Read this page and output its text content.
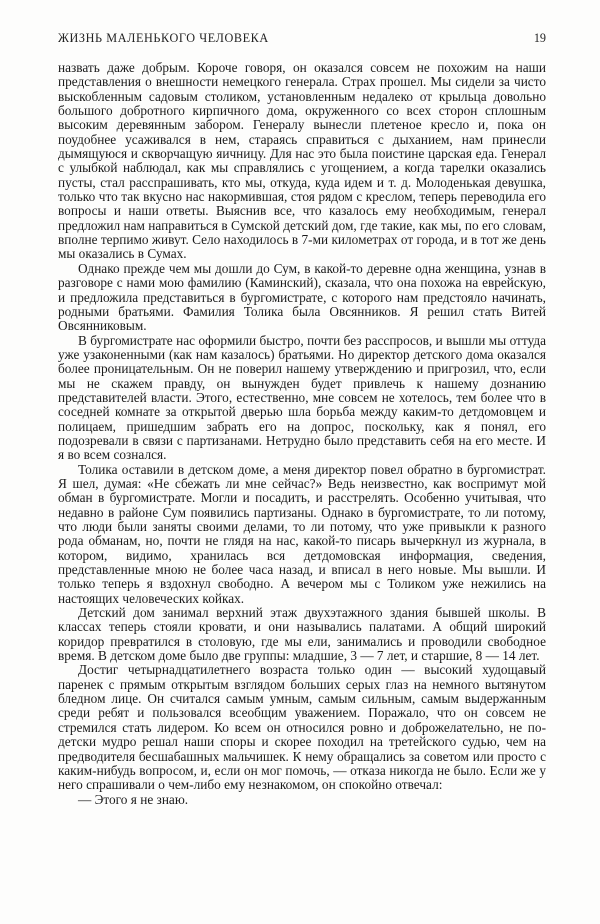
ЖИЗНЬ МАЛЕНЬКОГО ЧЕЛОВЕКА	19

назвать даже добрым. Короче говоря, он оказался совсем не похожим на наши представления о внешности немецкого генерала. Страх прошел. Мы сидели за чисто выскобленным садовым столиком, установленным недалеко от крыльца довольно большого добротного кирпичного дома, окруженного со всех сторон сплошным высоким деревянным забором. Генералу вынесли плетеное кресло и, пока он поудобнее усаживался в нем, стараясь справиться с дыханием, нам принесли дымящуюся и скворчащую яичницу. Для нас это была поистине царская еда. Генерал с улыбкой наблюдал, как мы справлялись с угощением, а когда тарелки оказались пусты, стал расспрашивать, кто мы, откуда, куда идем и т. д. Молоденькая девушка, только что так вкусно нас накормившая, стоя рядом с креслом, теперь переводила его вопросы и наши ответы. Выяснив все, что казалось ему необходимым, генерал предложил нам направиться в Сумской детский дом, где такие, как мы, по его словам, вполне терпимо живут. Село находилось в 7-ми километрах от города, и в тот же день мы оказались в Сумах.

Однако прежде чем мы дошли до Сум, в какой-то деревне одна женщина, узнав в разговоре с нами мою фамилию (Каминский), сказала, что она похожа на еврейскую, и предложила представиться в бургомистрате, с которого нам предстояло начинать, родными братьями. Фамилия Толика была Овсянников. Я решил стать Витей Овсянниковым.

В бургомистрате нас оформили быстро, почти без расспросов, и вышли мы оттуда уже узаконенными (как нам казалось) братьями. Но директор детского дома оказался более проницательным. Он не поверил нашему утверждению и пригрозил, что, если мы не скажем правду, он вынужден будет привлечь к нашему дознанию представителей власти. Этого, естественно, мне совсем не хотелось, тем более что в соседней комнате за открытой дверью шла борьба между каким-то детдомовцем и полицаем, пришедшим забрать его на допрос, поскольку, как я понял, его подозревали в связи с партизанами. Нетрудно было представить себя на его месте. И я во всем сознался.

Толика оставили в детском доме, а меня директор повел обратно в бургомистрат. Я шел, думая: «Не сбежать ли мне сейчас?» Ведь неизвестно, как воспримут мой обман в бургомистрате. Могли и посадить, и расстрелять. Особенно учитывая, что недавно в районе Сум появились партизаны. Однако в бургомистрате, то ли потому, что люди были заняты своими делами, то ли потому, что уже привыкли к разного рода обманам, но, почти не глядя на нас, какой-то писарь вычеркнул из журнала, в котором, видимо, хранилась вся детдомовская информация, сведения, представленные мною не более часа назад, и вписал в него новые. Мы вышли. И только теперь я вздохнул свободно. А вечером мы с Толиком уже нежились на настоящих человеческих койках.

Детский дом занимал верхний этаж двухэтажного здания бывшей школы. В классах теперь стояли кровати, и они назывались палатами. А общий широкий коридор превратился в столовую, где мы ели, занимались и проводили свободное время. В детском доме было две группы: младшие, 3 — 7 лет, и старшие, 8 — 14 лет.

Достиг четырнадцатилетнего возраста только один — высокий худощавый паренек с прямым открытым взглядом больших серых глаз на немного вытянутом бледном лице. Он считался самым умным, самым сильным, самым выдержанным среди ребят и пользовался всеобщим уважением. Поражало, что он совсем не стремился стать лидером. Ко всем он относился ровно и доброжелательно, не по-детски мудро решал наши споры и скорее походил на третейского судью, чем на предводителя бесшабашных мальчишек. К нему обращались за советом или просто с каким-нибудь вопросом, и, если он мог помочь, — отказа никогда не было. Если же у него спрашивали о чем-либо ему незнакомом, он спокойно отвечал:

— Этого я не знаю.
